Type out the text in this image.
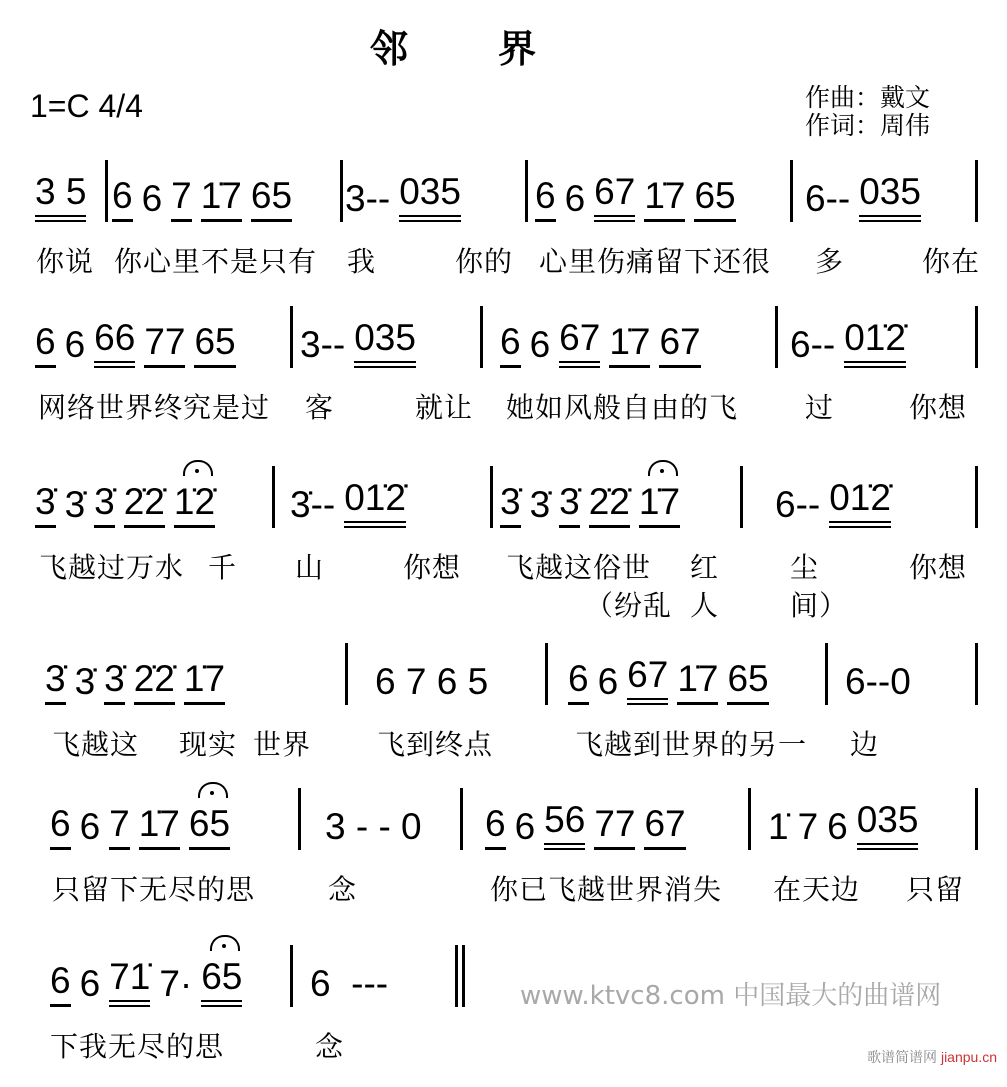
邻 界
1=C 4/4	作曲：戴文
作词：周伟
www.ktvc8.com 中国最大的曲谱网
3 5 6 6 7 1̇7 65 3-- 035 6 6 67 1̇7 65 6-- 035
你说 你心里不是只有 我	你的 心里伤痛留下还很 多	你在
6 6 66 77 65 3-- 035 6 6 67 1̇7 67 6-- 01̇2̇
网络世界终究是过 客	就让 她如风般自由的飞 过	你想
3̇ 3̇ 3̇ 2̇2̇ 1̇2̇ 3̇-- 01̇2̇	3̇ 3̇ 3̇ 2̇2̇ 1̇7	6-- 01̇2̇
飞越过万水 千 山	你想 飞越这俗世
（纷乱
红
人
尘
间）
你想
3̇ 3̇ 3̇ 2̇2̇ 1̇7	6 7 6 5 6 6 67 1̇7 65 6--0
飞越这 现实 世界 飞到终点	飞越到世界的另一 边
6 6 7 1̇7 65	3 - - 0 6 6 56 77 67 1̇ 7 6 035
只留下无尽的思	念	你已飞越世界消失 在天边 只留
6 6 71̇ 7· 65 6  ---
下我无尽的思	念	歌谱简谱网 jianpu.cn
